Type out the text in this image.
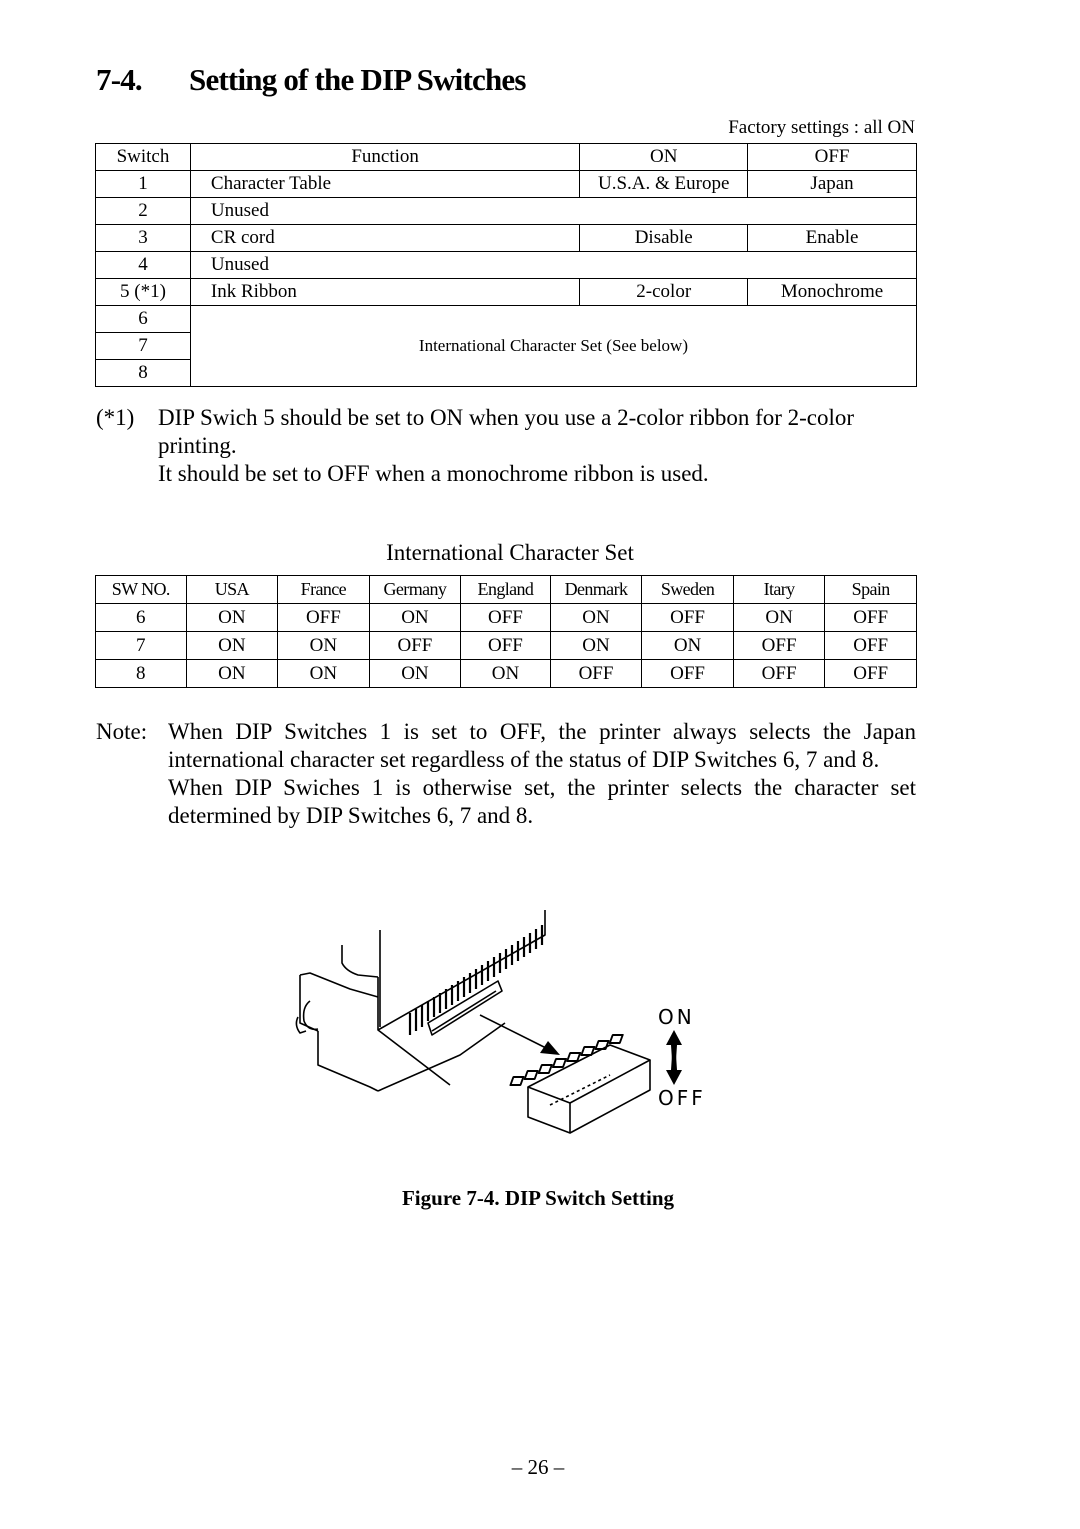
7-4. Setting of the DIP Switches
Factory settings : all ON
Switch	Function	ON	OFF
1	Character Table	U.S.A. & Europe	Japan
2	Unused		
3	CR cord	Disable	Enable
4	Unused		
5 (*1)	Ink Ribbon	2-color	Monochrome
6	International Character Set (See below)		
7			
8			
(*1) DIP Swich 5 should be set to ON when you use a 2-color ribbon for 2-color printing.
It should be set to OFF when a monochrome ribbon is used.
International Character Set
SW NO.	USA	France	Germany	England	Denmark	Sweden	Itary	Spain
6	ON	OFF	ON	OFF	ON	OFF	ON	OFF
7	ON	ON	OFF	OFF	ON	ON	OFF	OFF
8	ON	ON	ON	ON	OFF	OFF	OFF	OFF
Note: When DIP Switches 1 is set to OFF, the printer always selects the Japan international character set regardless of the status of DIP Switches 6, 7 and 8.

When DIP Swiches 1 is otherwise set, the printer selects the character set determined by DIP Switches 6, 7 and 8.

ON
OFF
Figure 7-4. DIP Switch Setting
– 26 –
